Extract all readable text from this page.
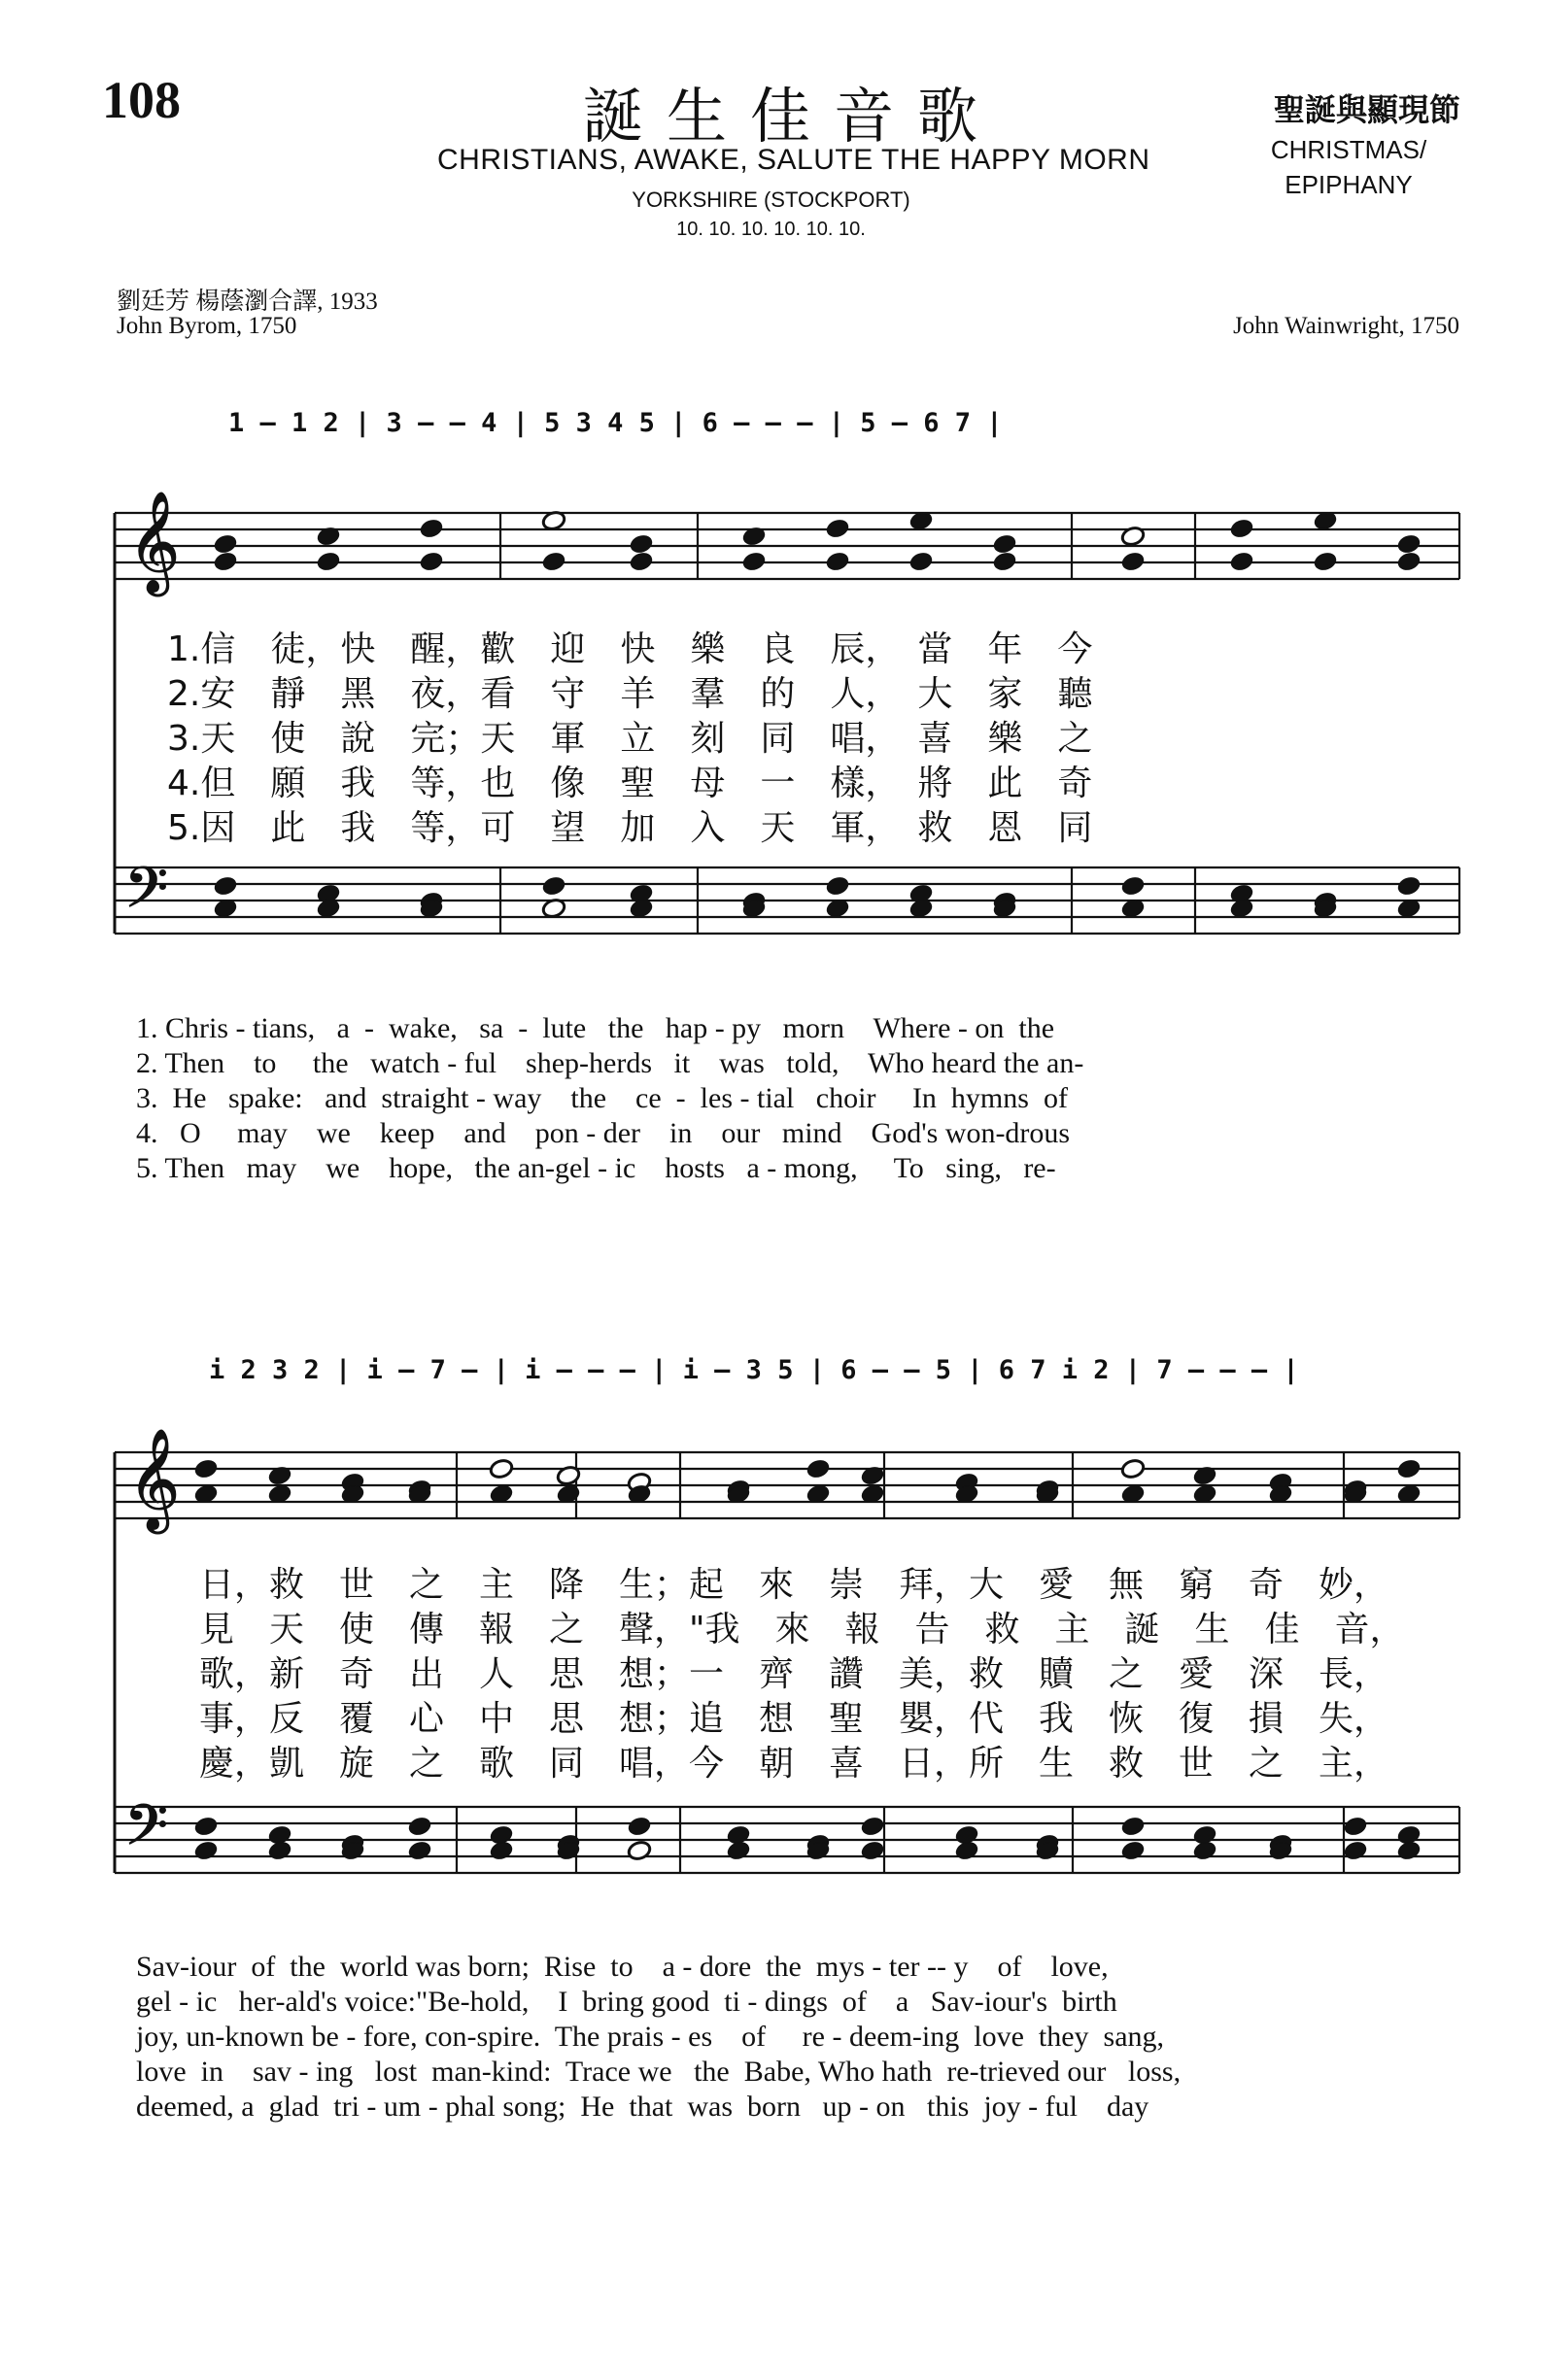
108	誕生佳音歌
CHRISTIANS, AWAKE, SALUTE THE HAPPY MORN
YORKSHIRE (STOCKPORT)
10. 10. 10. 10. 10. 10.
聖誕與顯現節
CHRISTMAS/
EPIPHANY
劉廷芳 楊蔭瀏合譯, 1933
John Byrom, 1750	John Wainwright, 1750
𝄞
𝄞
𝄢
𝄢
1 — 1 2 | 3 — — 4 | 5 3 4 5 | 6 — — — | 5 — 6 7 |
1.信　徒，快　醒，歡　迎　快　樂　良　辰，　當　年　今
2.安　靜　黑　夜，看　守　羊　羣　的　人，　大　家　聽
3.天　使　說　完；天　軍　立　刻　同　唱，　喜　樂　之
4.但　願　我　等，也　像　聖　母　一　樣，　將　此　奇
5.因　此　我　等，可　望　加　入　天　軍，　救　恩　同
1. Chris - tians,   a  -  wake,   sa  -  lute   the   hap - py   morn    Where - on  the
2. Then    to     the   watch - ful    shep-herds   it    was   told,    Who heard the an-
3.  He   spake:   and  straight - way    the    ce  -  les - tial   choir     In  hymns  of
4.   O     may    we    keep    and    pon - der    in    our   mind    God's won-drous
5. Then   may    we    hope,   the an-gel - ic    hosts   a - mong,     To   sing,   re-
i 2 3 2 | i — 7 — | i — — — | i — 3 5 | 6 — — 5 | 6 7 i 2 | 7 — — — |
日，救　世　之　主　降　生；起　來　崇　拜，大　愛　無　窮　奇　妙，
見　天　使　傳　報　之　聲，"我　來　報　告　救　主　誕　生　佳　音，
歌，新　奇　出　人　思　想；一　齊　讚　美，救　贖　之　愛　深　長，
事，反　覆　心　中　思　想；追　想　聖　嬰，代　我　恢　復　損　失，
慶，凱　旋　之　歌　同　唱，今　朝　喜　日，所　生　救　世　之　主，
Sav-iour  of  the  world was born;  Rise  to    a - dore  the  mys - ter -- y    of    love,
gel - ic   her-ald's voice:"Be-hold,    I  bring good  ti - dings  of    a   Sav-iour's  birth
joy, un-known be - fore, con-spire.  The prais - es    of     re - deem-ing  love  they  sang,
love  in    sav - ing   lost  man-kind:  Trace we   the  Babe, Who hath  re-trieved our   loss,
deemed, a  glad  tri - um - phal song;  He  that  was  born   up - on   this  joy - ful    day
